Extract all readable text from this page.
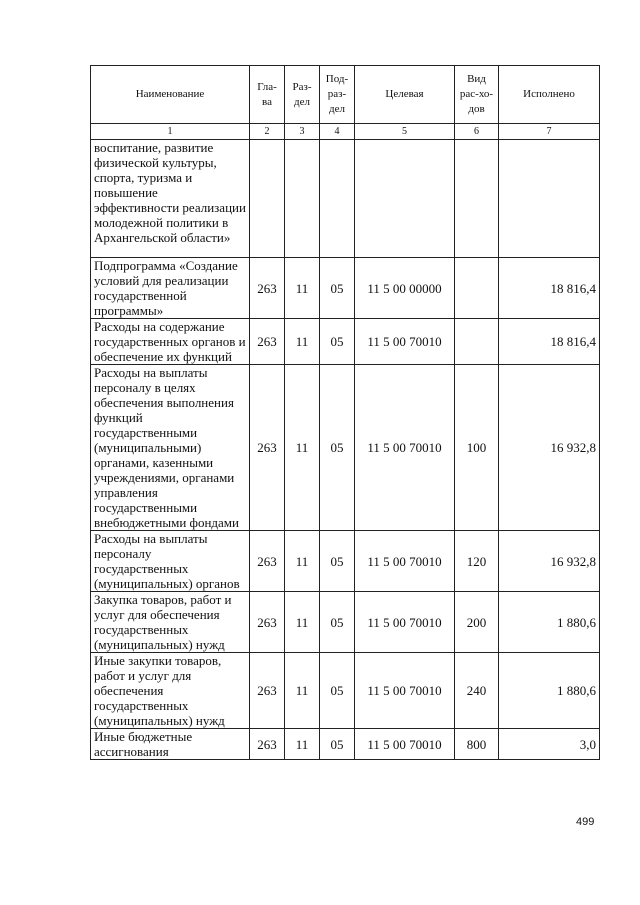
Наименование	Гла-ва	Раз-дел	Под-раз-дел	Целевая	Вид рас-хо-дов	Исполнено
1	2	3	4	5	6	7
воспитание, развитие физической культуры, спорта, туризма и повышение эффективности реализации молодежной политики в Архангельской области»						
Подпрограмма «Создание условий для реализации государственной программы»	263	11	05	11 5 00 00000		18 816,4
Расходы на содержание государственных органов и обеспечение их функций	263	11	05	11 5 00 70010		18 816,4
Расходы на выплаты персоналу в целях обеспечения выполнения функций государственными (муниципальными) органами, казенными учреждениями, органами управления государственными внебюджетными фондами	263	11	05	11 5 00 70010	100	16 932,8
Расходы на выплаты персоналу государственных (муниципальных) органов	263	11	05	11 5 00 70010	120	16 932,8
Закупка товаров, работ и услуг для обеспечения государственных (муниципальных) нужд	263	11	05	11 5 00 70010	200	1 880,6
Иные закупки товаров, работ и услуг для обеспечения государственных (муниципальных) нужд	263	11	05	11 5 00 70010	240	1 880,6
Иные бюджетные ассигнования	263	11	05	11 5 00 70010	800	3,0
499
